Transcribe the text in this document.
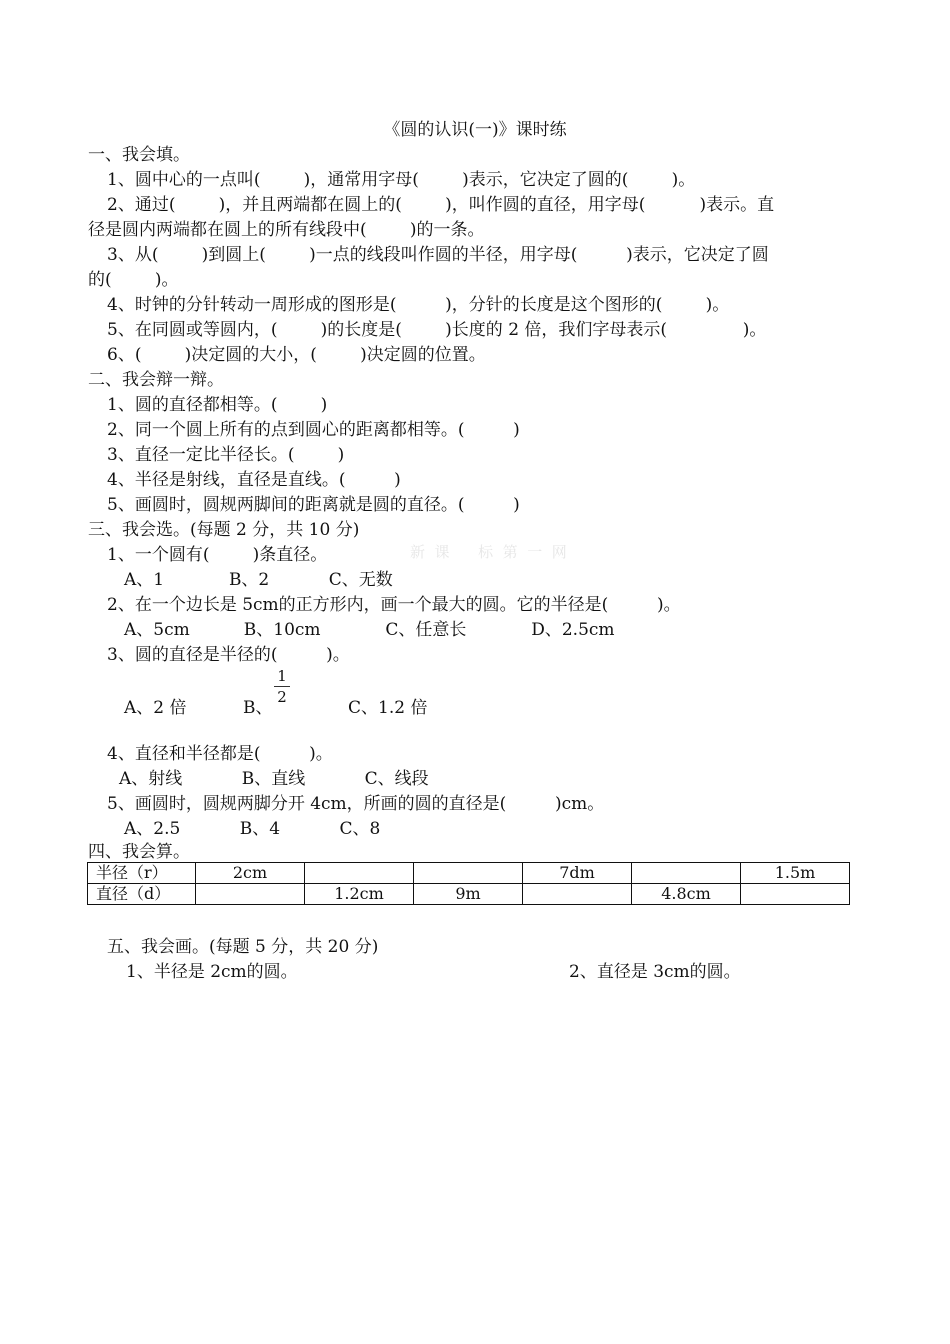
《圆的认识(一)》课时练
一、我会填。
1、圆中心的一点叫(        )，通常用字母(        )表示，它决定了圆的(        )。
2、通过(        )，并且两端都在圆上的(        )，叫作圆的直径，用字母(          )表示。直
径是圆内两端都在圆上的所有线段中(        )的一条。
3、从(        )到圆上(        )一点的线段叫作圆的半径，用字母(         )表示，它决定了圆
的(        )。
4、时钟的分针转动一周形成的图形是(         )，分针的长度是这个图形的(        )。
5、在同圆或等圆内，(        )的长度是(        )长度的 2 倍，我们字母表示(              )。
6、(        )决定圆的大小，(        )决定圆的位置。
二、我会辩一辩。
1、圆的直径都相等。(        )
2、同一个圆上所有的点到圆心的距离都相等。(         )
3、直径一定比半径长。(        )
4、半径是射线，直径是直线。(         )
5、画圆时，圆规两脚间的距离就是圆的直径。(         )
三、我会选。(每题 2 分，共 10 分)
新  课      标  第  一  网
1、一个圆有(        )条直径。
A、1            B、2           C、无数
2、在一个边长是 5cm的正方形内，画一个最大的圆。它的半径是(         )。
A、5cm          B、10cm            C、任意长            D、2.5cm
3、圆的直径是半径的(         )。
A、2 倍	B、
1
2
C、1.2 倍
4、直径和半径都是(         )。
A、射线           B、直线           C、线段
5、画圆时，圆规两脚分开 4cm，所画的圆的直径是(         )cm。
A、2.5           B、4           C、8
四、我会算。
半径（r）	2cm			7dm		1.5m
直径（d）		1.2cm	9m		4.8cm	
五、我会画。(每题 5 分，共 20 分)
1、半径是 2cm的圆。	2、直径是 3cm的圆。
